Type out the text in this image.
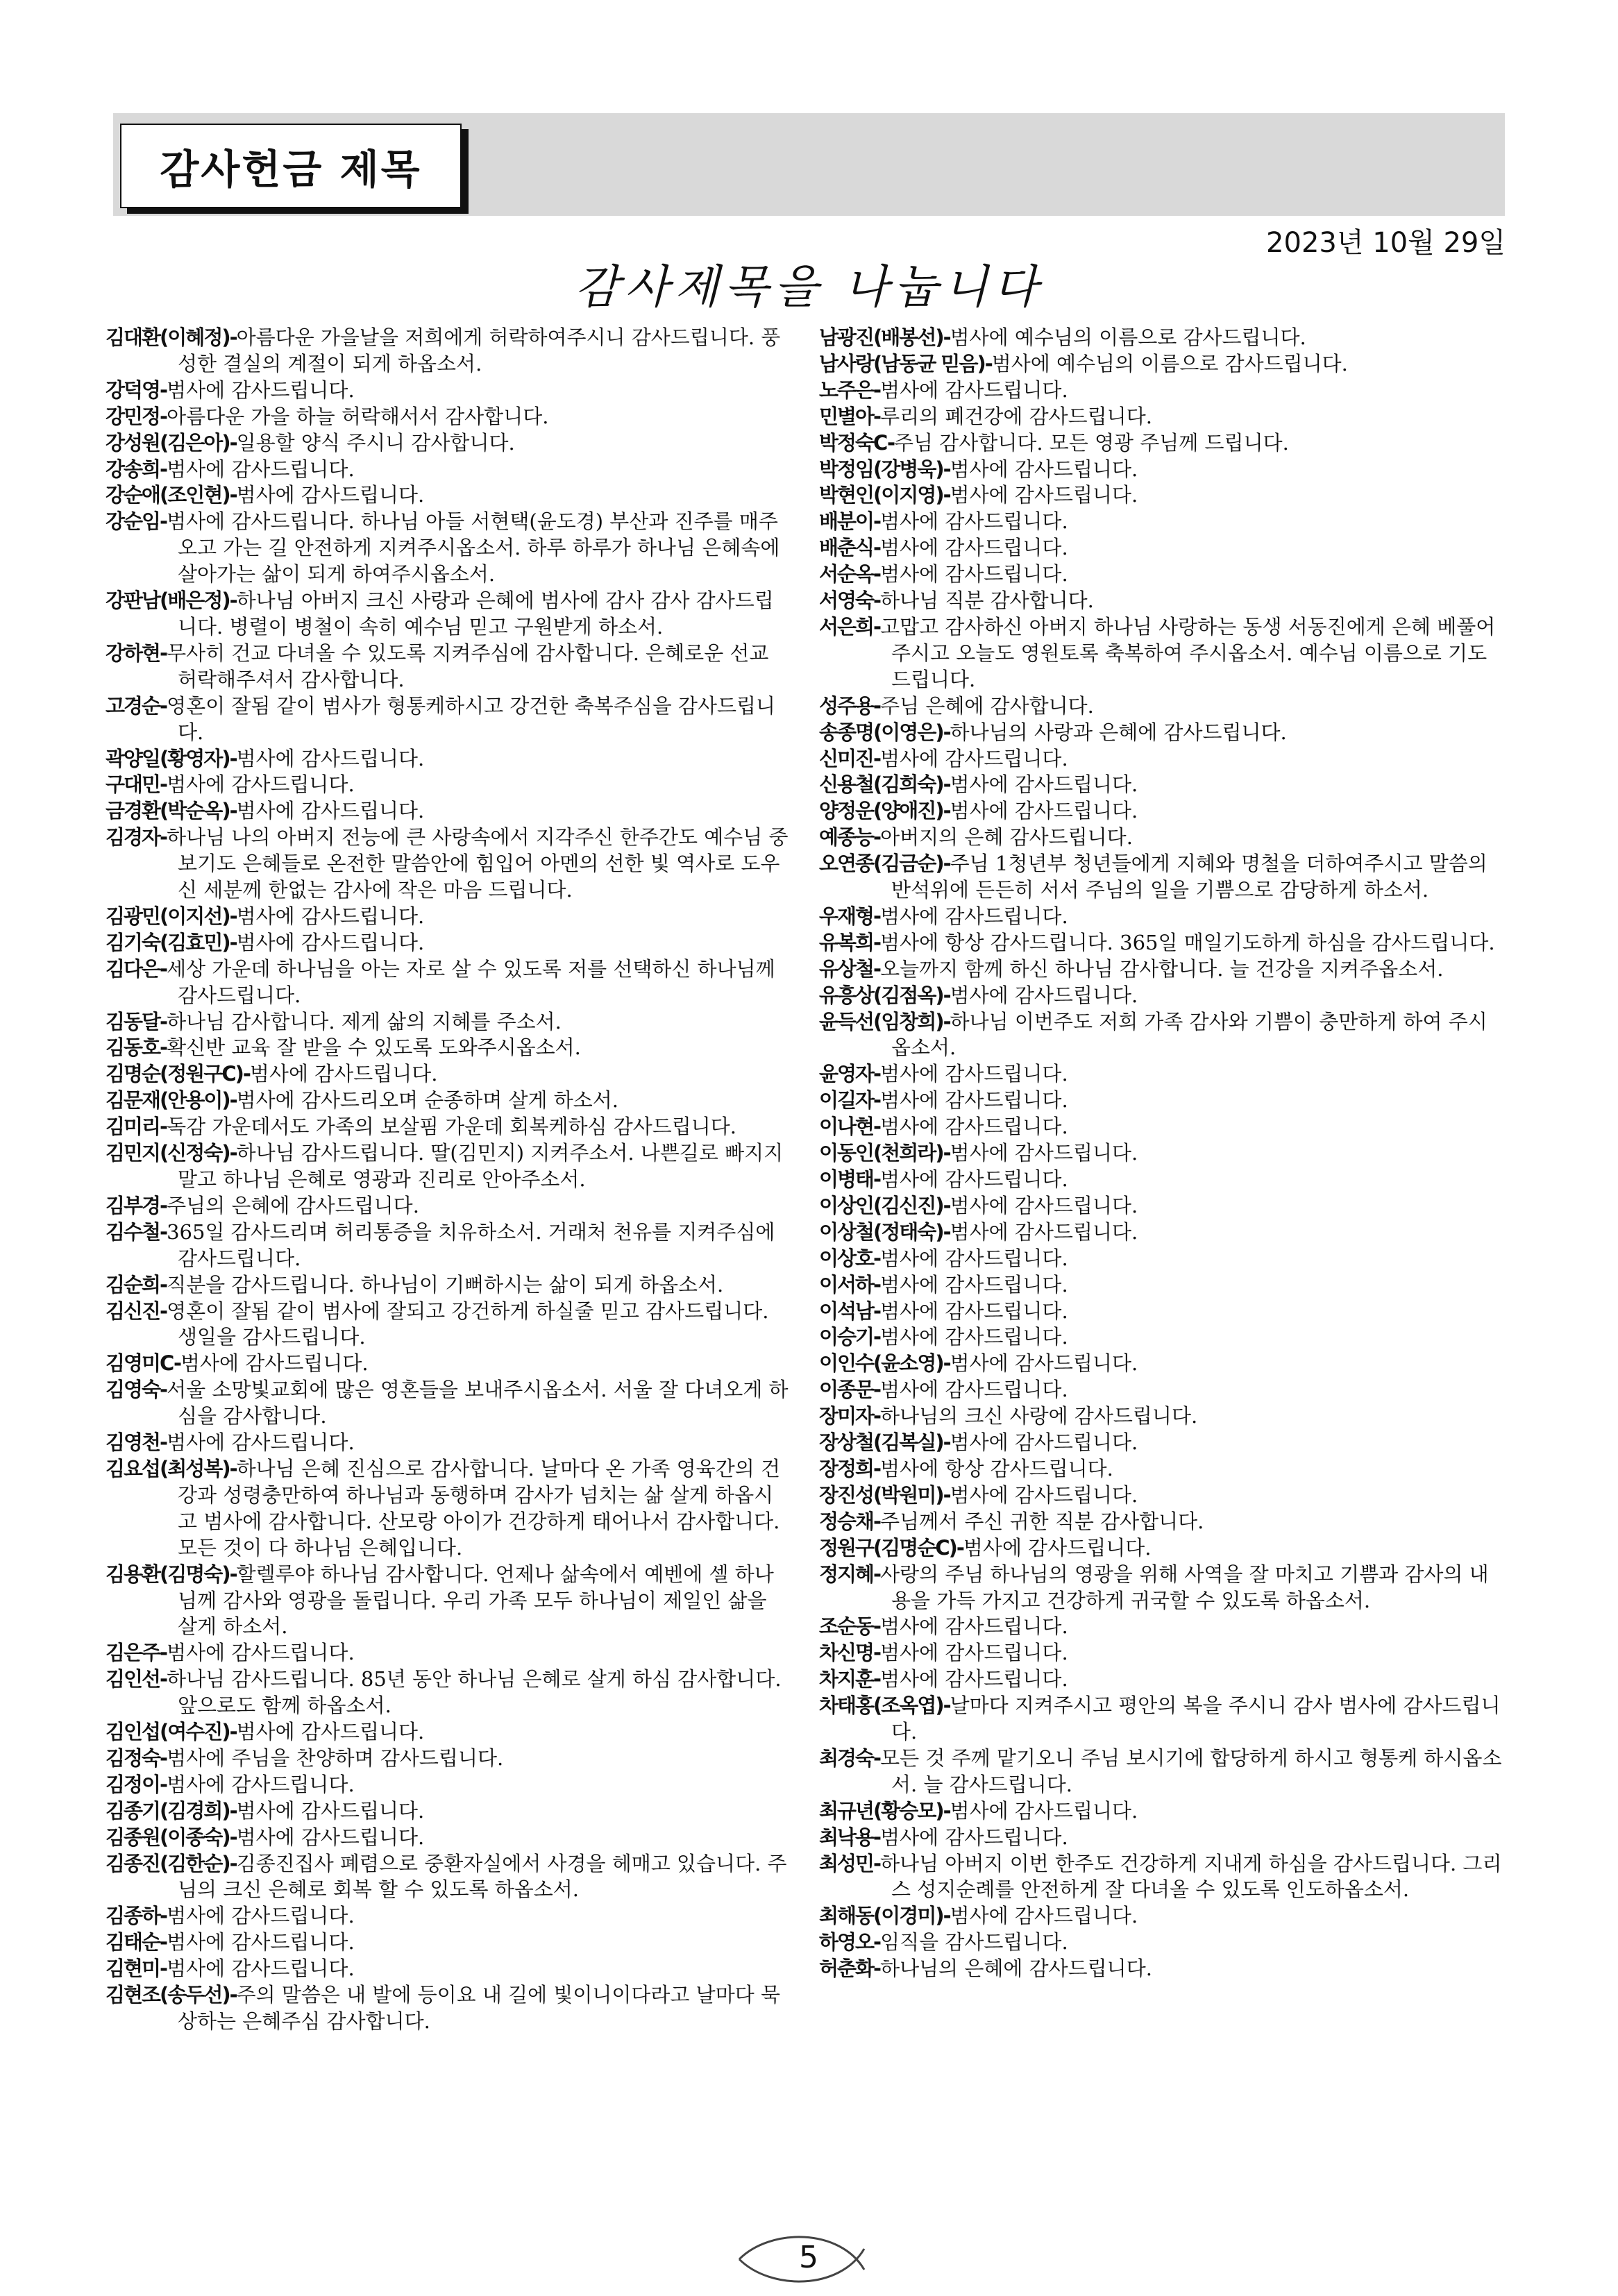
감사헌금 제목
2023년 10월 29일
감사제목을 나눕니다

김대환(이혜정)-아름다운 가을날을 저희에게 허락하여주시니 감사드립니다. 풍성한 결실의 계절이 되게 하옵소서.

강덕영-범사에 감사드립니다.

강민정-아름다운 가을 하늘 허락해서서 감사합니다.

강성원(김은아)-일용할 양식 주시니 감사합니다.

강송희-범사에 감사드립니다.

강순애(조인현)-범사에 감사드립니다.

강순임-범사에 감사드립니다. 하나님 아들 서현택(윤도경) 부산과 진주를 매주 오고 가는 길 안전하게 지켜주시옵소서. 하루 하루가 하나님 은혜속에 살아가는 삶이 되게 하여주시옵소서.

강판남(배은정)-하나님 아버지 크신 사랑과 은혜에 범사에 감사 감사 감사드립니다. 병렬이 병철이 속히 예수님 믿고 구원받게 하소서.

강하현-무사히 건교 다녀올 수 있도록 지켜주심에 감사합니다. 은혜로운 선교 허락해주셔서 감사합니다.

고경순-영혼이 잘됨 같이 범사가 형통케하시고 강건한 축복주심을 감사드립니다.

곽양일(황영자)-범사에 감사드립니다.

구대민-범사에 감사드립니다.

금경환(박순옥)-범사에 감사드립니다.

김경자-하나님 나의 아버지 전능에 큰 사랑속에서 지각주신 한주간도 예수님 중보기도 은혜들로 온전한 말씀안에 힘입어 아멘의 선한 빛 역사로 도우신 세분께 한없는 감사에 작은 마음 드립니다.

김광민(이지선)-범사에 감사드립니다.

김기숙(김효민)-범사에 감사드립니다.

김다은-세상 가운데 하나님을 아는 자로 살 수 있도록 저를 선택하신 하나님께 감사드립니다.

김동달-하나님 감사합니다. 제게 삶의 지혜를 주소서.

김동호-확신반 교육 잘 받을 수 있도록 도와주시옵소서.

김명순(정원구C)-범사에 감사드립니다.

김문재(안용이)-범사에 감사드리오며 순종하며 살게 하소서.

김미리-독감 가운데서도 가족의 보살핌 가운데 회복케하심 감사드립니다.

김민지(신정숙)-하나님 감사드립니다. 딸(김민지) 지켜주소서. 나쁜길로 빠지지 말고 하나님 은혜로 영광과 진리로 안아주소서.

김부경-주님의 은혜에 감사드립니다.

김수철-365일 감사드리며 허리통증을 치유하소서. 거래처 천유를 지켜주심에 감사드립니다.

김순희-직분을 감사드립니다. 하나님이 기뻐하시는 삶이 되게 하옵소서.

김신진-영혼이 잘됨 같이 범사에 잘되고 강건하게 하실줄 믿고 감사드립니다. 생일을 감사드립니다.

김영미C-범사에 감사드립니다.

김영숙-서울 소망빛교회에 많은 영혼들을 보내주시옵소서. 서울 잘 다녀오게 하심을 감사합니다.

김영천-범사에 감사드립니다.

김요섭(최성복)-하나님 은혜 진심으로 감사합니다. 날마다 온 가족 영육간의 건강과 성령충만하여 하나님과 동행하며 감사가 넘치는 삶 살게 하옵시고 범사에 감사합니다. 산모랑 아이가 건강하게 태어나서 감사합니다. 모든 것이 다 하나님 은혜입니다.

김용환(김명숙)-할렐루야 하나님 감사합니다. 언제나 삶속에서 예벤에 셀 하나님께 감사와 영광을 돌립니다. 우리 가족 모두 하나님이 제일인 삶을 살게 하소서.

김은주-범사에 감사드립니다.

김인선-하나님 감사드립니다. 85년 동안 하나님 은혜로 살게 하심 감사합니다. 앞으로도 함께 하옵소서.

김인섭(여수진)-범사에 감사드립니다.

김정숙-범사에 주님을 찬양하며 감사드립니다.

김정이-범사에 감사드립니다.

김종기(김경희)-범사에 감사드립니다.

김종원(이종숙)-범사에 감사드립니다.

김종진(김한순)-김종진집사 폐렴으로 중환자실에서 사경을 헤매고 있습니다. 주님의 크신 은혜로 회복 할 수 있도록 하옵소서.

김종하-범사에 감사드립니다.

김태순-범사에 감사드립니다.

김현미-범사에 감사드립니다.

김현조(송두선)-주의 말씀은 내 발에 등이요 내 길에 빛이니이다라고 날마다 묵상하는 은혜주심 감사합니다.

남광진(배봉선)-범사에 예수님의 이름으로 감사드립니다.

남사랑(남동균 믿음)-범사에 예수님의 이름으로 감사드립니다.

노주은-범사에 감사드립니다.

민별아-루리의 폐건강에 감사드립니다.

박정숙C-주님 감사합니다. 모든 영광 주님께 드립니다.

박정임(강병욱)-범사에 감사드립니다.

박현인(이지영)-범사에 감사드립니다.

배분이-범사에 감사드립니다.

배춘식-범사에 감사드립니다.

서순옥-범사에 감사드립니다.

서영숙-하나님 직분 감사합니다.

서은희-고맙고 감사하신 아버지 하나님 사랑하는 동생 서동진에게 은혜 베풀어 주시고 오늘도 영원토록 축복하여 주시옵소서. 예수님 이름으로 기도드립니다.

성주용-주님 은혜에 감사합니다.

송종명(이영은)-하나님의 사랑과 은혜에 감사드립니다.

신미진-범사에 감사드립니다.

신용철(김희숙)-범사에 감사드립니다.

양정운(양애진)-범사에 감사드립니다.

예종능-아버지의 은혜 감사드립니다.

오연종(김금순)-주님 1청년부 청년들에게 지혜와 명철을 더하여주시고 말씀의 반석위에 든든히 서서 주님의 일을 기쁨으로 감당하게 하소서.

우재형-범사에 감사드립니다.

유복희-범사에 항상 감사드립니다. 365일 매일기도하게 하심을 감사드립니다.

유상철-오늘까지 함께 하신 하나님 감사합니다. 늘 건강을 지켜주옵소서.

유흥상(김점옥)-범사에 감사드립니다.

윤득선(임창희)-하나님 이번주도 저희 가족 감사와 기쁨이 충만하게 하여 주시옵소서.

윤영자-범사에 감사드립니다.

이길자-범사에 감사드립니다.

이나현-범사에 감사드립니다.

이동인(천희라)-범사에 감사드립니다.

이병태-범사에 감사드립니다.

이상인(김신진)-범사에 감사드립니다.

이상철(정태숙)-범사에 감사드립니다.

이상호-범사에 감사드립니다.

이서하-범사에 감사드립니다.

이석남-범사에 감사드립니다.

이승기-범사에 감사드립니다.

이인수(윤소영)-범사에 감사드립니다.

이종문-범사에 감사드립니다.

장미자-하나님의 크신 사랑에 감사드립니다.

장상철(김복실)-범사에 감사드립니다.

장정희-범사에 항상 감사드립니다.

장진성(박원미)-범사에 감사드립니다.

정승채-주님께서 주신 귀한 직분 감사합니다.

정원구(김명순C)-범사에 감사드립니다.

정지혜-사랑의 주님 하나님의 영광을 위해 사역을 잘 마치고 기쁨과 감사의 내용을 가득 가지고 건강하게 귀국할 수 있도록 하옵소서.

조순동-범사에 감사드립니다.

차신명-범사에 감사드립니다.

차지훈-범사에 감사드립니다.

차태홍(조옥엽)-날마다 지켜주시고 평안의 복을 주시니 감사 범사에 감사드립니다.

최경숙-모든 것 주께 맡기오니 주님 보시기에 합당하게 하시고 형통케 하시옵소서. 늘 감사드립니다.

최규년(황승모)-범사에 감사드립니다.

최낙용-범사에 감사드립니다.

최성민-하나님 아버지 이번 한주도 건강하게 지내게 하심을 감사드립니다. 그리스 성지순례를 안전하게 잘 다녀올 수 있도록 인도하옵소서.

최해동(이경미)-범사에 감사드립니다.

하영오-임직을 감사드립니다.

허춘화-하나님의 은혜에 감사드립니다.

5
